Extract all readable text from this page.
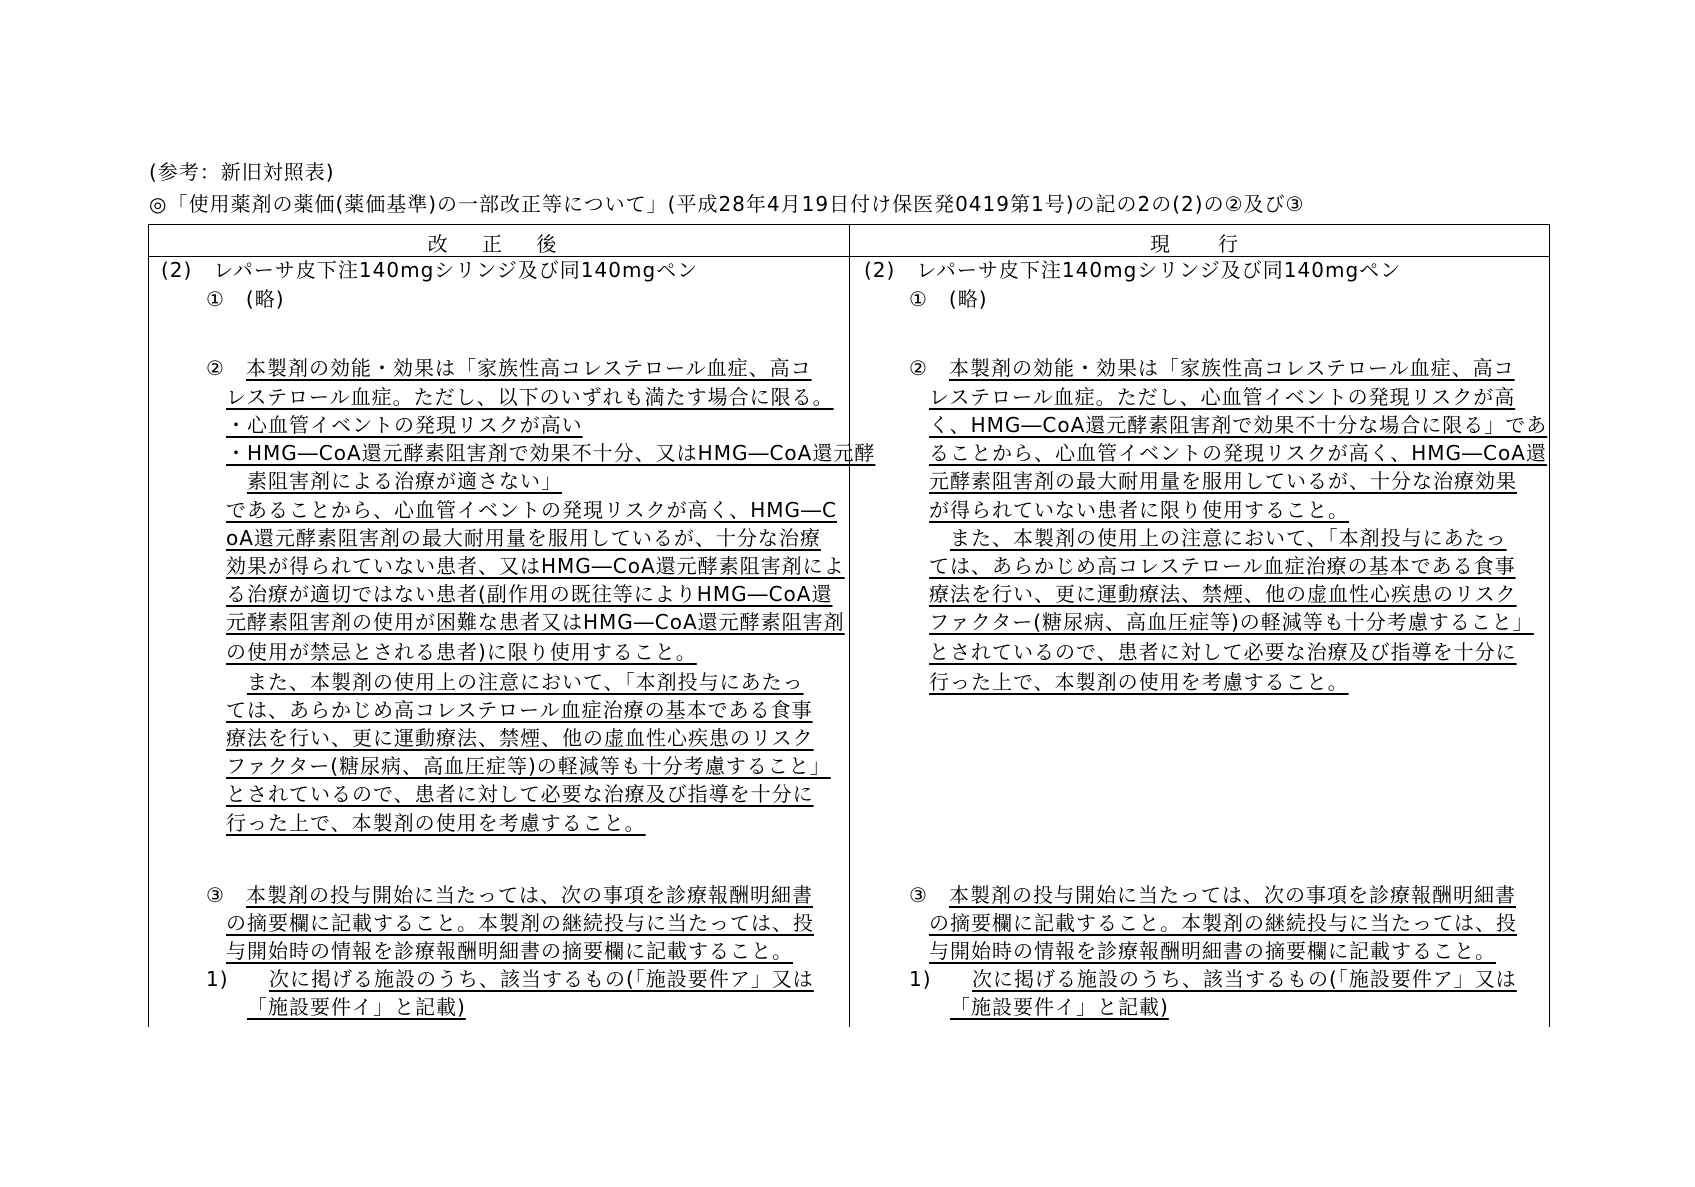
(参考：新旧対照表)
◎「使用薬剤の薬価(薬価基準)の一部改正等について」(平成28年4月19日付け保医発0419第1号)の記の2の(2)の②及び③
改 正 後	現　行
(2)　レパーサ皮下注140mgシリンジ及び同140mgペン
①　(略)
② 本製剤の効能・効果は「家族性高コレステロール血症、高コ
レステロール血症。ただし、以下のいずれも満たす場合に限る。
・心血管イベントの発現リスクが高い
・HMG―CoA還元酵素阻害剤で効果不十分、又はHMG―CoA還元酵
素阻害剤による治療が適さない」
であることから、心血管イベントの発現リスクが高く、HMG―C
oA還元酵素阻害剤の最大耐用量を服用しているが、十分な治療
効果が得られていない患者、又はHMG―CoA還元酵素阻害剤によ
る治療が適切ではない患者(副作用の既往等によりHMG―CoA還
元酵素阻害剤の使用が困難な患者又はHMG―CoA還元酵素阻害剤
の使用が禁忌とされる患者)に限り使用すること。
また、本製剤の使用上の注意において、「本剤投与にあたっ
ては、あらかじめ高コレステロール血症治療の基本である食事
療法を行い、更に運動療法、禁煙、他の虚血性心疾患のリスク
ファクター(糖尿病、高血圧症等)の軽減等も十分考慮すること」
とされているので、患者に対して必要な治療及び指導を十分に
行った上で、本製剤の使用を考慮すること。
③ 本製剤の投与開始に当たっては、次の事項を診療報酬明細書
の摘要欄に記載すること。本製剤の継続投与に当たっては、投
与開始時の情報を診療報酬明細書の摘要欄に記載すること。
1) 次に掲げる施設のうち、該当するもの(「施設要件ア」又は
「施設要件イ」と記載)
(2)　レパーサ皮下注140mgシリンジ及び同140mgペン
①　(略)
② 本製剤の効能・効果は「家族性高コレステロール血症、高コ
レステロール血症。ただし、心血管イベントの発現リスクが高
く、HMG―CoA還元酵素阻害剤で効果不十分な場合に限る」であ
ることから、心血管イベントの発現リスクが高く、HMG―CoA還
元酵素阻害剤の最大耐用量を服用しているが、十分な治療効果
が得られていない患者に限り使用すること。
また、本製剤の使用上の注意において、「本剤投与にあたっ
ては、あらかじめ高コレステロール血症治療の基本である食事
療法を行い、更に運動療法、禁煙、他の虚血性心疾患のリスク
ファクター(糖尿病、高血圧症等)の軽減等も十分考慮すること」
とされているので、患者に対して必要な治療及び指導を十分に
行った上で、本製剤の使用を考慮すること。
③ 本製剤の投与開始に当たっては、次の事項を診療報酬明細書
の摘要欄に記載すること。本製剤の継続投与に当たっては、投
与開始時の情報を診療報酬明細書の摘要欄に記載すること。
1) 次に掲げる施設のうち、該当するもの(「施設要件ア」又は
「施設要件イ」と記載)
